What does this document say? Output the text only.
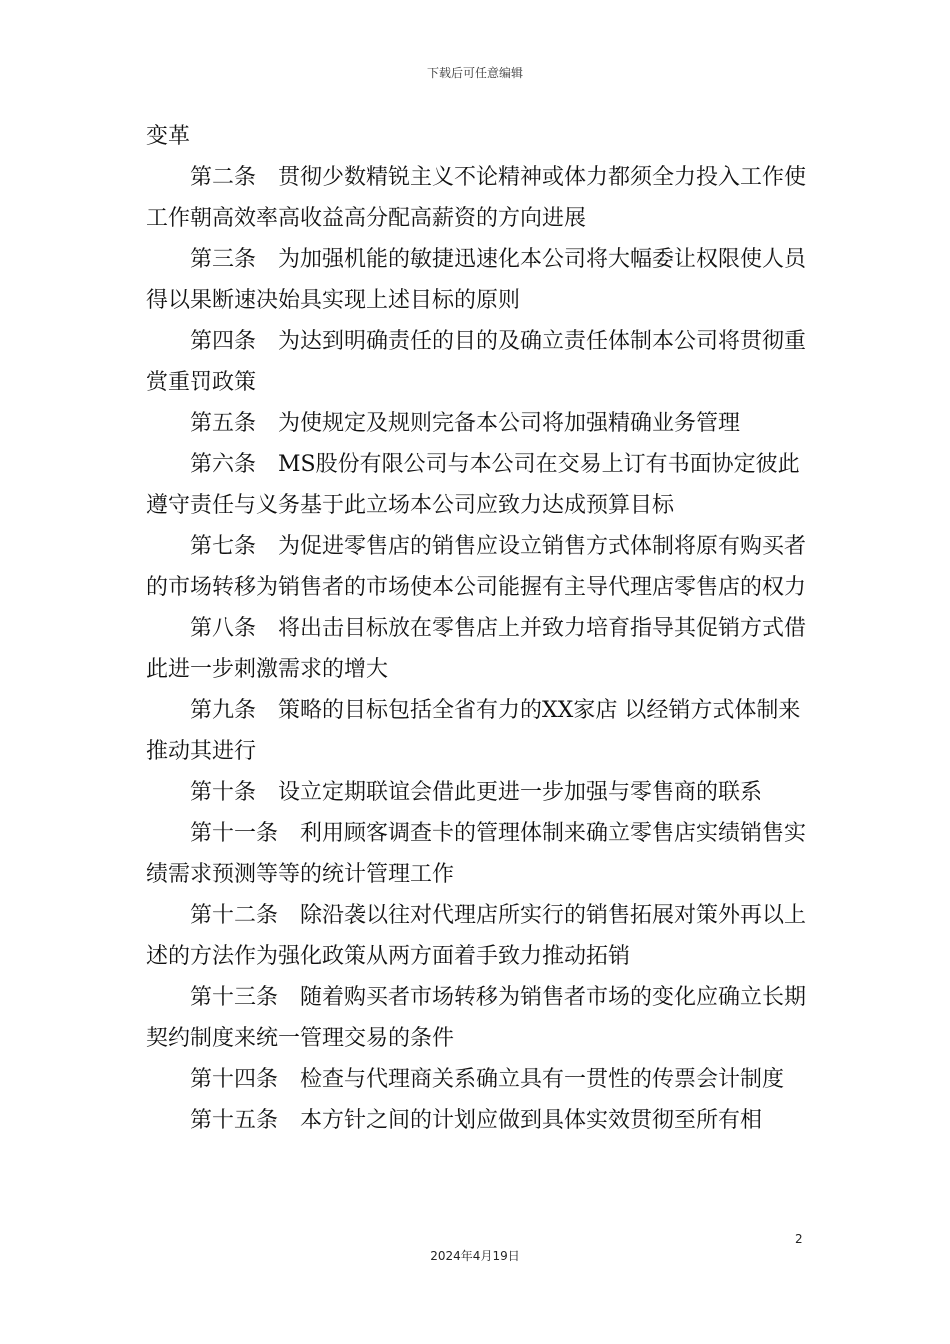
下载后可任意编辑

变革

第二条　贯彻少数精锐主义不论精神或体力都须全力投入工作使工作朝高效率高收益高分配高薪资的方向进展

第三条　为加强机能的敏捷迅速化本公司将大幅委让权限使人员得以果断速决始具实现上述目标的原则

第四条　为达到明确责任的目的及确立责任体制本公司将贯彻重赏重罚政策

第五条　为使规定及规则完备本公司将加强精确业务管理

第六条　MS股份有限公司与本公司在交易上订有书面协定彼此遵守责任与义务基于此立场本公司应致力达成预算目标

第七条　为促进零售店的销售应设立销售方式体制将原有购买者的市场转移为销售者的市场使本公司能握有主导代理店零售店的权力

第八条　将出击目标放在零售店上并致力培育指导其促销方式借此进一步刺激需求的增大

第九条　策略的目标包括全省有力的XX家店 以经销方式体制来推动其进行

第十条　设立定期联谊会借此更进一步加强与零售商的联系

第十一条　利用顾客调查卡的管理体制来确立零售店实绩销售实绩需求预测等等的统计管理工作

第十二条　除沿袭以往对代理店所实行的销售拓展对策外再以上述的方法作为强化政策从两方面着手致力推动拓销

第十三条　随着购买者市场转移为销售者市场的变化应确立长期契约制度来统一管理交易的条件

第十四条　检查与代理商关系确立具有一贯性的传票会计制度

第十五条　本方针之间的计划应做到具体实效贯彻至所有相

2
2024年4月19日
